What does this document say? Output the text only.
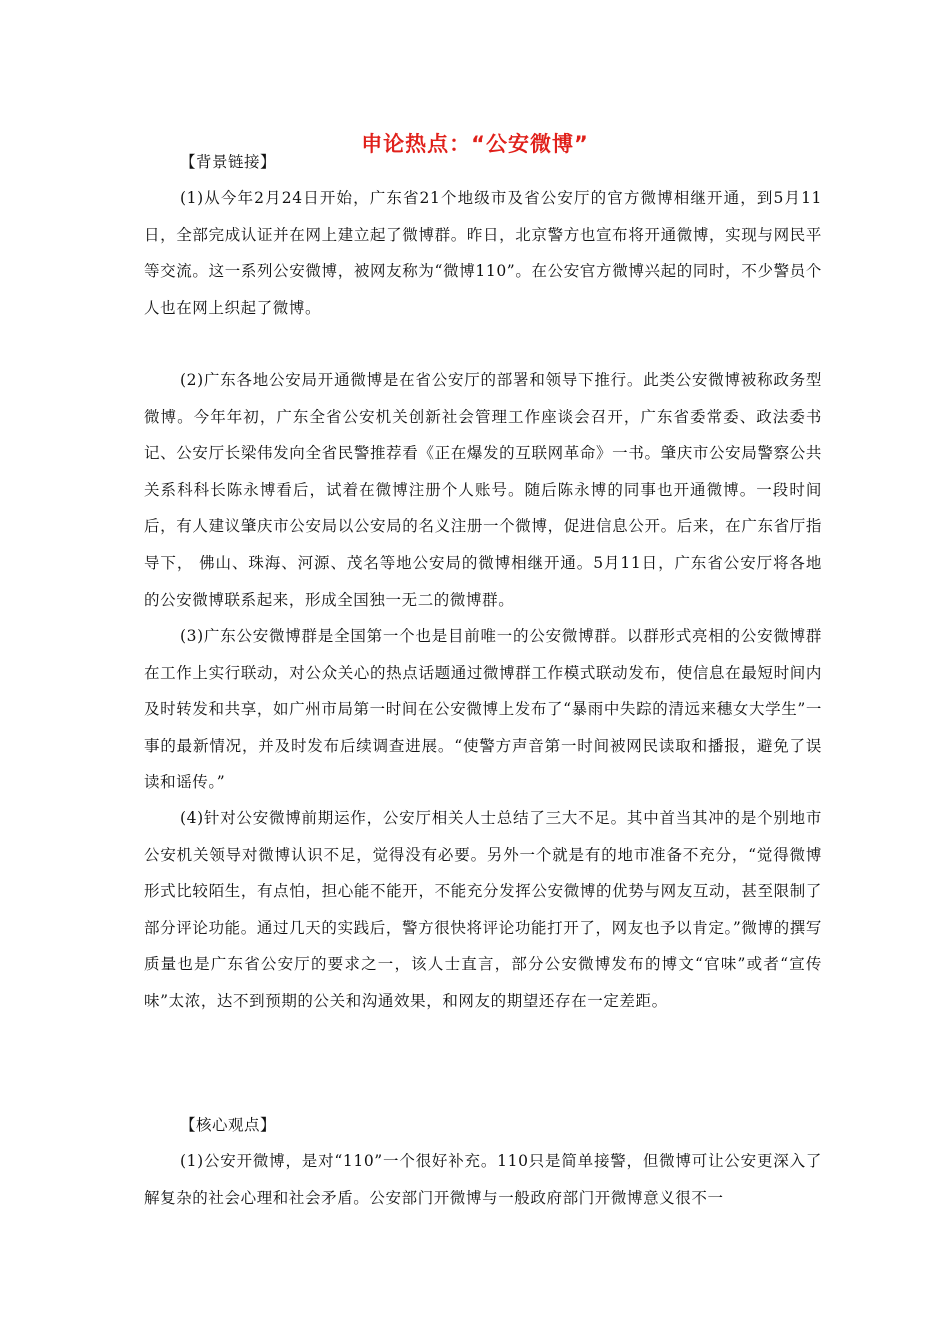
申论热点：“公安微博”
【背景链接】

(1)从今年2月24日开始，广东省21个地级市及省公安厅的官方微博相继开通，到5月11日，全部完成认证并在网上建立起了微博群。昨日，北京警方也宣布将开通微博，实现与网民平等交流。这一系列公安微博，被网友称为“微博110”。在公安官方微博兴起的同时，不少警员个人也在网上织起了微博。

(2)广东各地公安局开通微博是在省公安厅的部署和领导下推行。此类公安微博被称政务型微博。今年年初，广东全省公安机关创新社会管理工作座谈会召开，广东省委常委、政法委书记、公安厅长梁伟发向全省民警推荐看《正在爆发的互联网革命》一书。肇庆市公安局警察公共关系科科长陈永博看后，试着在微博注册个人账号。随后陈永博的同事也开通微博。一段时间后，有人建议肇庆市公安局以公安局的名义注册一个微博，促进信息公开。后来，在广东省厅指导下， 佛山、珠海、河源、茂名等地公安局的微博相继开通。5月11日，广东省公安厅将各地的公安微博联系起来，形成全国独一无二的微博群。

(3)广东公安微博群是全国第一个也是目前唯一的公安微博群。以群形式亮相的公安微博群在工作上实行联动，对公众关心的热点话题通过微博群工作模式联动发布，使信息在最短时间内及时转发和共享，如广州市局第一时间在公安微博上发布了“暴雨中失踪的清远来穗女大学生”一事的最新情况，并及时发布后续调查进展。“使警方声音第一时间被网民读取和播报，避免了误读和谣传。”

(4)针对公安微博前期运作，公安厅相关人士总结了三大不足。其中首当其冲的是个别地市公安机关领导对微博认识不足，觉得没有必要。另外一个就是有的地市准备不充分，“觉得微博形式比较陌生，有点怕，担心能不能开，不能充分发挥公安微博的优势与网友互动，甚至限制了部分评论功能。通过几天的实践后，警方很快将评论功能打开了，网友也予以肯定。”微博的撰写质量也是广东省公安厅的要求之一，该人士直言，部分公安微博发布的博文“官味”或者“宣传味”太浓，达不到预期的公关和沟通效果，和网友的期望还存在一定差距。

【核心观点】

(1)公安开微博，是对“110”一个很好补充。110只是简单接警，但微博可让公安更深入了解复杂的社会心理和社会矛盾。公安部门开微博与一般政府部门开微博意义很不一
